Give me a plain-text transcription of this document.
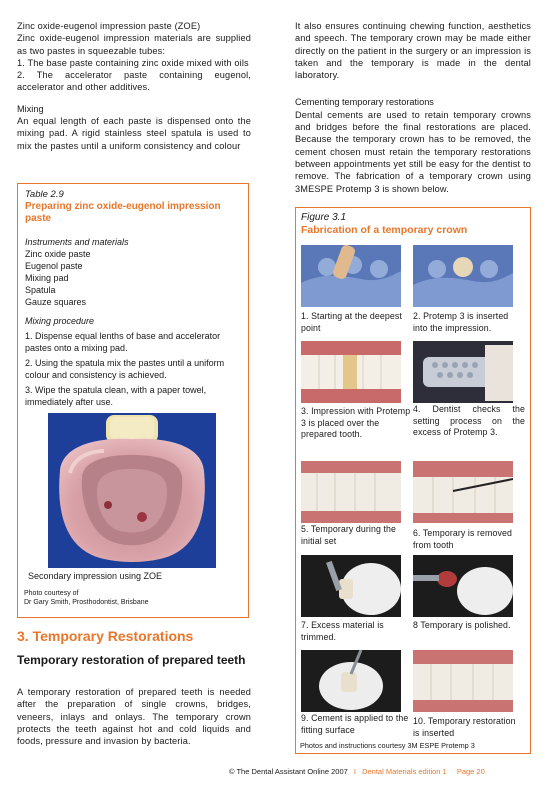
Zinc oxide-eugenol impression paste (ZOE)

Zinc oxide-eugenol impression materials are supplied as two pastes in squeezable tubes:

1. The base paste containing zinc oxide mixed with oils

2. The accelerator paste containing eugenol, accelerator and other additives.

Mixing

An equal length of each paste is dispensed onto the mixing pad. A rigid stainless steel spatula is used to mix the pastes until a uniform consistency and colour

Table 2.9
Preparing zinc oxide-eugenol impression paste
Instruments and materials
Zinc oxide paste
Eugenol paste
Mixing pad
Spatula
Gauze squares
Mixing procedure
1. Dispense equal lenths of base and accelerator pastes onto a mixing pad.
2. Using the spatula mix the pastes until a uniform colour and consistency is achieved.
3. Wipe the spatula clean, with a paper towel, immediately after use.
Secondary impression using ZOE
Photo courtesy of
Dr Gary Smith, Prosthodontist, Brisbane
3. Temporary Restorations
Temporary restoration of prepared teeth

A temporary restoration of prepared teeth is needed after the preparation of single crowns, bridges, veneers, inlays and onlays. The temporary crown protects the teeth against hot and cold liquids and foods, pressure and invasion by bacteria.

It also ensures continuing chewing function, aesthetics and speech. The temporary crown may be made either directly on the patient in the surgery or an impression is taken and the temporary is made in the dental laboratory.

Cementing temporary restorations

Dental cements are used to retain temporary crowns and bridges before the final restorations are placed. Because the temporary crown has to be removed, the cement chosen must retain the temporary restorations between appointments yet still be easy for the dentist to remove. The fabrication of a temporary crown using 3MESPE Protemp 3 is shown below.

Figure 3.1
Fabrication of a temporary crown
1. Starting at the deepest point
2. Protemp 3 is inserted into the impression.
3. Impression with Protemp 3 is placed over the prepared tooth.
4. Dentist checks the setting process on the excess of Protemp 3.
5. Temporary during the initial set
6. Temporary is removed from tooth
7. Excess material is trimmed.
8 Temporary is polished.
9. Cement is applied to the fitting surface
10. Temporary restoration is inserted
Photos and instructions courtesy 3M ESPE Protemp 3
© The Dental Assistant Online 2007 I Dental Materials edition 1 Page 20
